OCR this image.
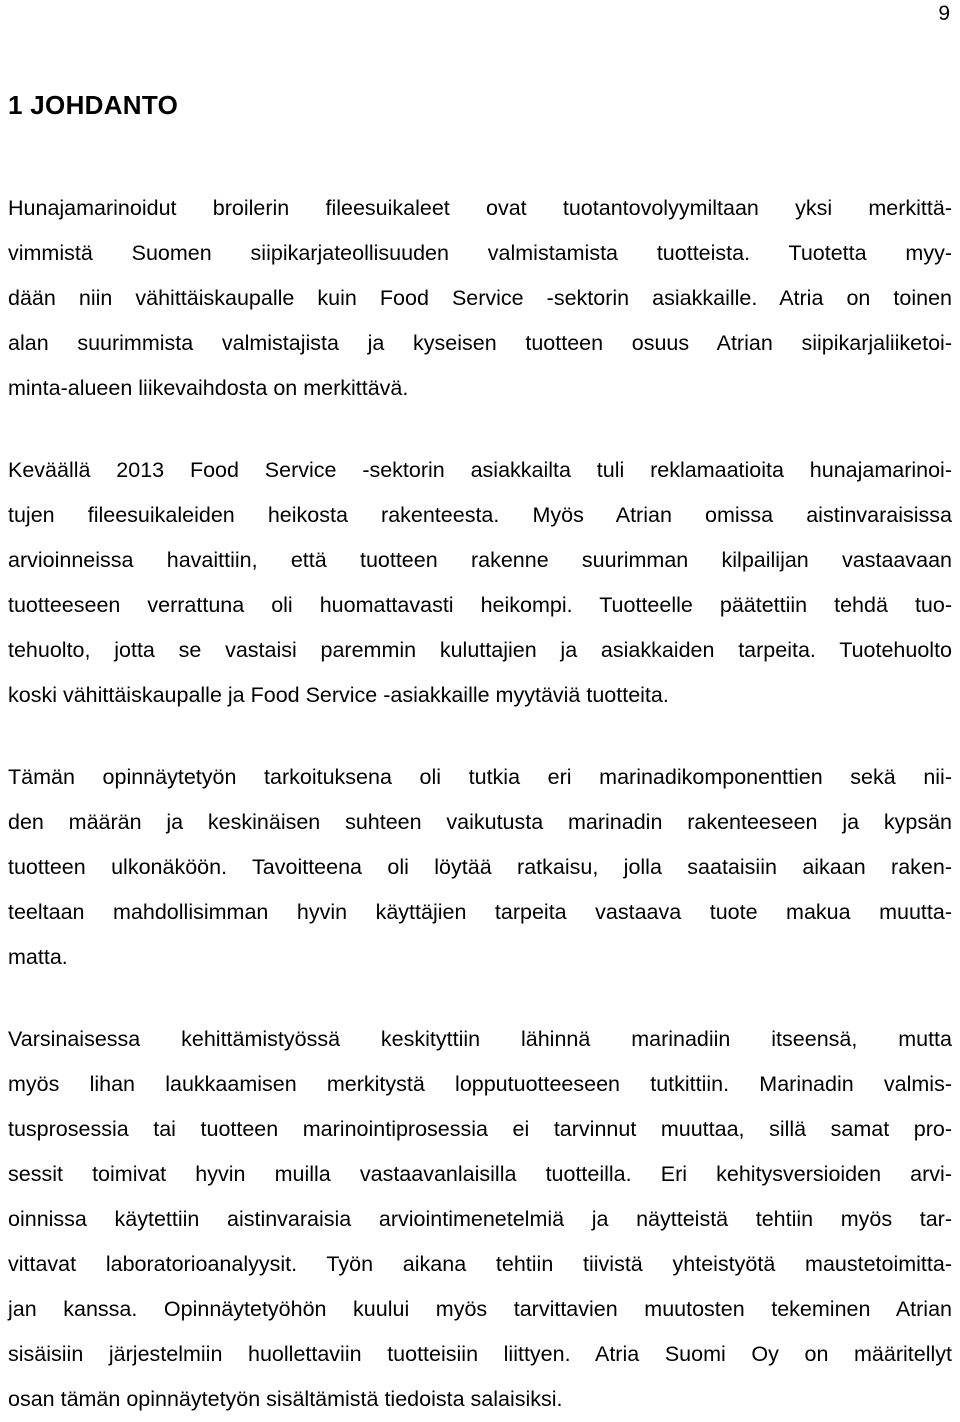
9
1 JOHDANTO

Hunajamarinoidut broilerin fileesuikaleet ovat tuotantovolyymiltaan yksi merkittä-
vimmistä Suomen siipikarjateollisuuden valmistamista tuotteista. Tuotetta myy-
dään niin vähittäiskaupalle kuin Food Service -sektorin asiakkaille. Atria on toinen
alan suurimmista valmistajista ja kyseisen tuotteen osuus Atrian siipikarjaliiketoi-
minta-alueen liikevaihdosta on merkittävä.

Keväällä 2013 Food Service -sektorin asiakkailta tuli reklamaatioita hunajamarinoi-
tujen fileesuikaleiden heikosta rakenteesta. Myös Atrian omissa aistinvaraisissa
arvioinneissa havaittiin, että tuotteen rakenne suurimman kilpailijan vastaavaan
tuotteeseen verrattuna oli huomattavasti heikompi. Tuotteelle päätettiin tehdä tuo-
tehuolto, jotta se vastaisi paremmin kuluttajien ja asiakkaiden tarpeita. Tuotehuolto
koski vähittäiskaupalle ja Food Service -asiakkaille myytäviä tuotteita.

Tämän opinnäytetyön tarkoituksena oli tutkia eri marinadikomponenttien sekä nii-
den määrän ja keskinäisen suhteen vaikutusta marinadin rakenteeseen ja kypsän
tuotteen ulkonäköön. Tavoitteena oli löytää ratkaisu, jolla saataisiin aikaan raken-
teeltaan mahdollisimman hyvin käyttäjien tarpeita vastaava tuote makua muutta-
matta.

Varsinaisessa kehittämistyössä keskityttiin lähinnä marinadiin itseensä, mutta
myös lihan laukkaamisen merkitystä lopputuotteeseen tutkittiin. Marinadin valmis-
tusprosessia tai tuotteen marinointiprosessia ei tarvinnut muuttaa, sillä samat pro-
sessit toimivat hyvin muilla vastaavanlaisilla tuotteilla. Eri kehitysversioiden arvi-
oinnissa käytettiin aistinvaraisia arviointimenetelmiä ja näytteistä tehtiin myös tar-
vittavat laboratorioanalyysit. Työn aikana tehtiin tiivistä yhteistyötä maustetoimitta-
jan kanssa. Opinnäytetyöhön kuului myös tarvittavien muutosten tekeminen Atrian
sisäisiin järjestelmiin huollettaviin tuotteisiin liittyen. Atria Suomi Oy on määritellyt
osan tämän opinnäytetyön sisältämistä tiedoista salaisiksi.
